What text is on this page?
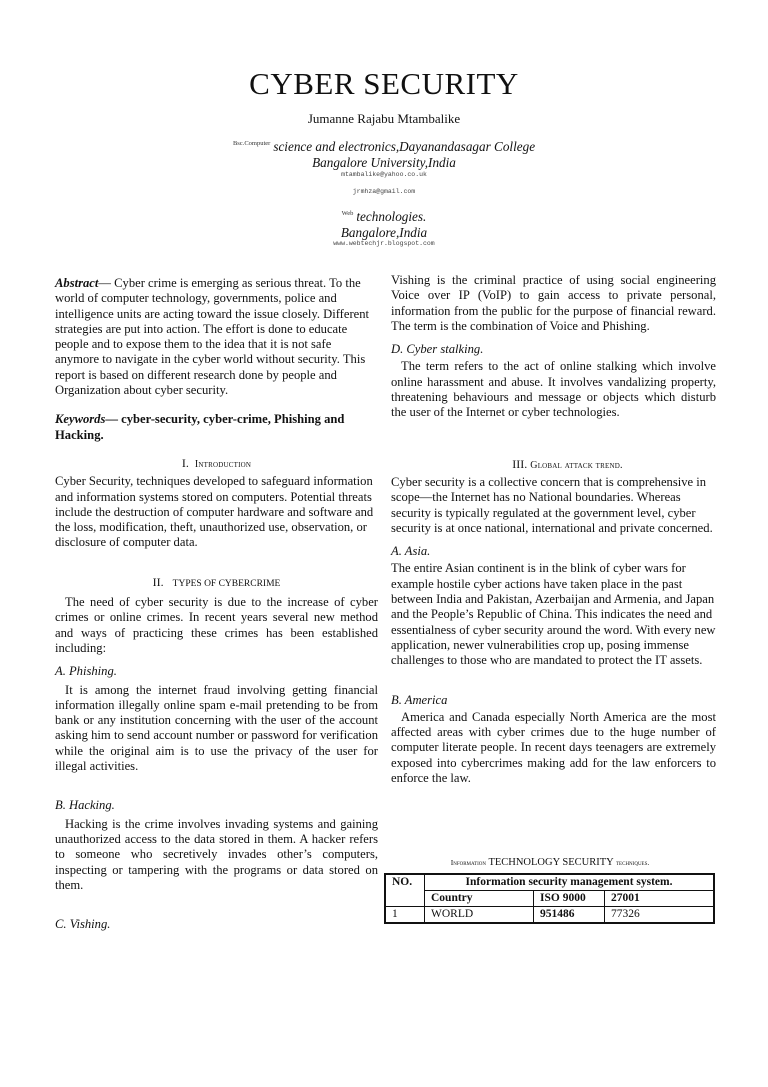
CYBER SECURITY
Jumanne Rajabu Mtambalike
$^{Bsc.Computer}$ science and electronics,Dayanandasagar College
Bangalore University,India
mtambalike@yahoo.co.uk
jrmhza@gmail.com
$^{Web}$ technologies.
Bangalore,India
www.webtechjr.blogspot.com

Abstract— Cyber crime is emerging as serious threat. To the world of computer technology, governments, police and intelligence units are acting toward the issue closely. Different strategies are put into action. The effort is done to educate people and to expose them to the idea that it is not safe anymore to navigate in the cyber world without security. This report is based on different research done by people and Organization about cyber security.

Keywords— cyber-security, cyber-crime, Phishing and Hacking.

I. Introduction

Cyber Security, techniques developed to safeguard information and information systems stored on computers. Potential threats include the destruction of computer hardware and software and the loss, modification, theft, unauthorized use, observation, or disclosure of computer data.

II. TYPES OF CYBERCRIME

The need of cyber security is due to the increase of cyber crimes or online crimes. In recent years several new method and ways of practicing these crimes has been established including:

A. Phishing.

It is among the internet fraud involving getting financial information illegally online spam e-mail pretending to be from bank or any institution concerning with the user of the account asking him to send account number or password for verification while the original aim is to use the privacy of the user for illegal activities.

B. Hacking.

Hacking is the crime involves invading systems and gaining unauthorized access to the data stored in them. A hacker refers to someone who secretively invades other’s computers, inspecting or tampering with the programs or data stored on them.

C. Vishing.

Vishing is the criminal practice of using social engineering Voice over IP (VoIP) to gain access to private personal, information from the public for the purpose of financial reward. The term is the combination of Voice and Phishing.

D. Cyber stalking.

The term refers to the act of online stalking which involve online harassment and abuse. It involves vandalizing property, threatening behaviours and message or objects which disturb the user of the Internet or cyber technologies.

III. Global attack trend.

Cyber security is a collective concern that is comprehensive in scope—the Internet has no National boundaries. Whereas security is typically regulated at the government level, cyber security is at once national, international and private concerned.

A. Asia.

The entire Asian continent is in the blink of cyber wars for example hostile cyber actions have taken place in the past between India and Pakistan, Azerbaijan and Armenia, and Japan and the People’s Republic of China. This indicates the need and essentialness of cyber security around the word. With every new application, newer vulnerabilities crop up, posing immense challenges to those who are mandated to protect the IT assets.

B. America

America and Canada especially North America are the most affected areas with cyber crimes due to the huge number of computer literate people. In recent days teenagers are extremely exposed into cybercrimes making add for the law enforcers to enforce the law.

Information TECHNOLOGY SECURITY techniques.
NO.	Information security management system.		
	Country	ISO 9000	27001
1	WORLD	951486	77326
